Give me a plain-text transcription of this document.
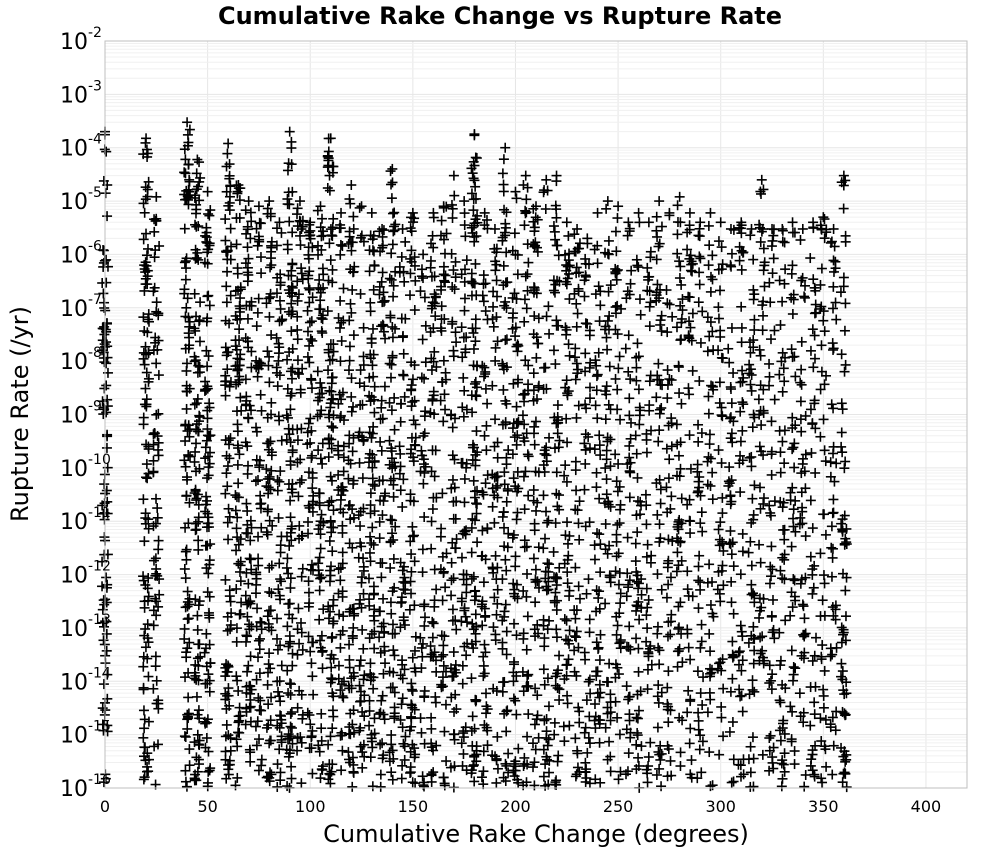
0	50	100	150	200	250	300	350	400
10 -16
10 -15
10 -14
10 -13
10 -12
10 -11
10 -10
10 -9
10 -8
10 -7
10 -6
10 -5
10 -4
10 -3
10 -2
Cumulative Rake Change vs Rupture Rate
Cumulative Rake Change (degrees)
Rupture Rate (/yr)
